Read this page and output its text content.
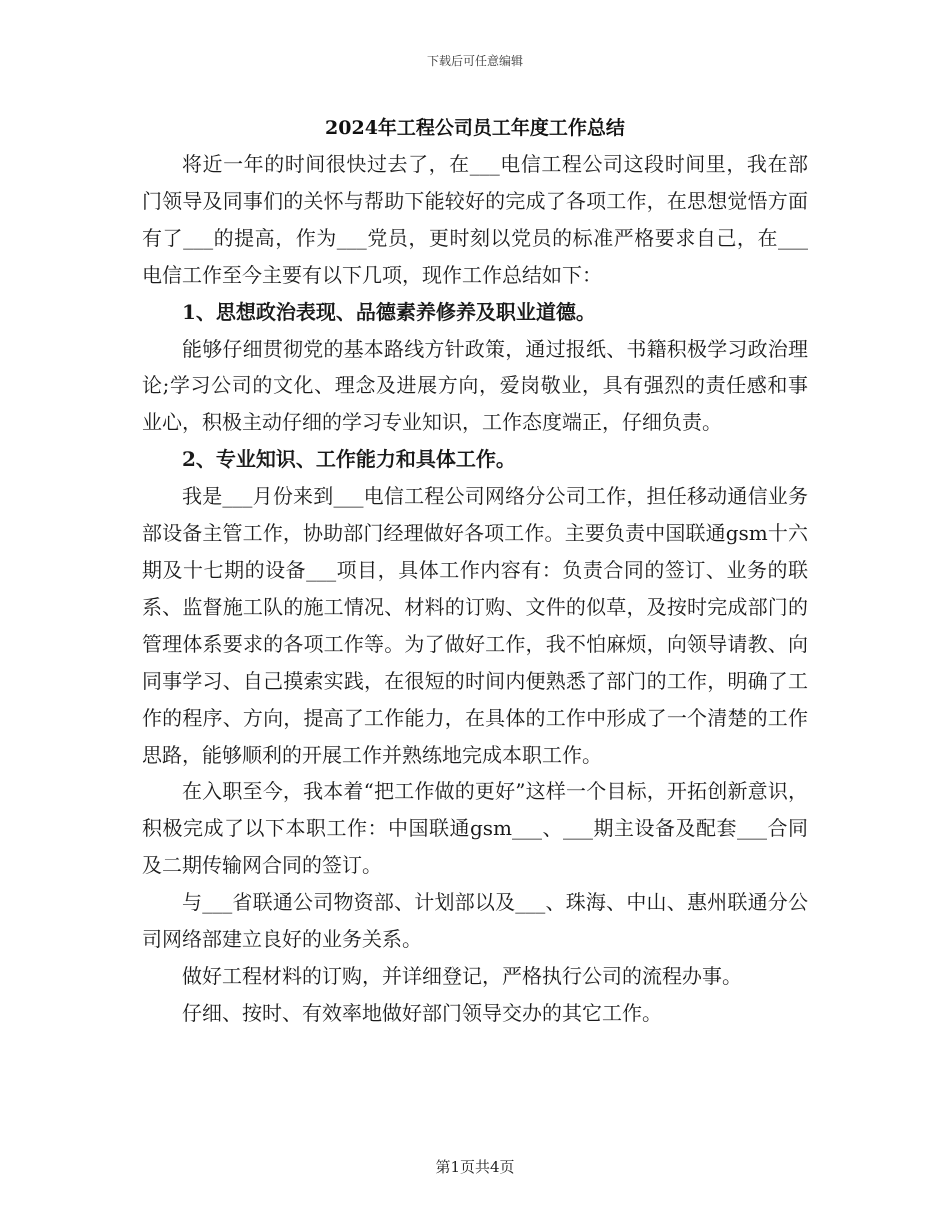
下载后可任意编辑
2024年工程公司员工年度工作总结

将近一年的时间很快过去了，在___电信工程公司这段时间里，我在部门领导及同事们的关怀与帮助下能较好的完成了各项工作，在思想觉悟方面有了___的提高，作为___党员，更时刻以党员的标准严格要求自己，在___电信工作至今主要有以下几项，现作工作总结如下：

1、思想政治表现、品德素养修养及职业道德。

能够仔细贯彻党的基本路线方针政策，通过报纸、书籍积极学习政治理论;学习公司的文化、理念及进展方向，爱岗敬业，具有强烈的责任感和事业心，积极主动仔细的学习专业知识，工作态度端正，仔细负责。

2、专业知识、工作能力和具体工作。

我是___月份来到___电信工程公司网络分公司工作，担任移动通信业务部设备主管工作，协助部门经理做好各项工作。主要负责中国联通gsm十六期及十七期的设备___项目，具体工作内容有：负责合同的签订、业务的联系、监督施工队的施工情况、材料的订购、文件的似草，及按时完成部门的管理体系要求的各项工作等。为了做好工作，我不怕麻烦，向领导请教、向同事学习、自己摸索实践，在很短的时间内便熟悉了部门的工作，明确了工作的程序、方向，提高了工作能力，在具体的工作中形成了一个清楚的工作思路，能够顺利的开展工作并熟练地完成本职工作。

在入职至今，我本着“把工作做的更好”这样一个目标，开拓创新意识，积极完成了以下本职工作：中国联通gsm___、___期主设备及配套___合同及二期传输网合同的签订。

与___省联通公司物资部、计划部以及___、珠海、中山、惠州联通分公司网络部建立良好的业务关系。

做好工程材料的订购，并详细登记，严格执行公司的流程办事。

仔细、按时、有效率地做好部门领导交办的其它工作。

第1页共4页
